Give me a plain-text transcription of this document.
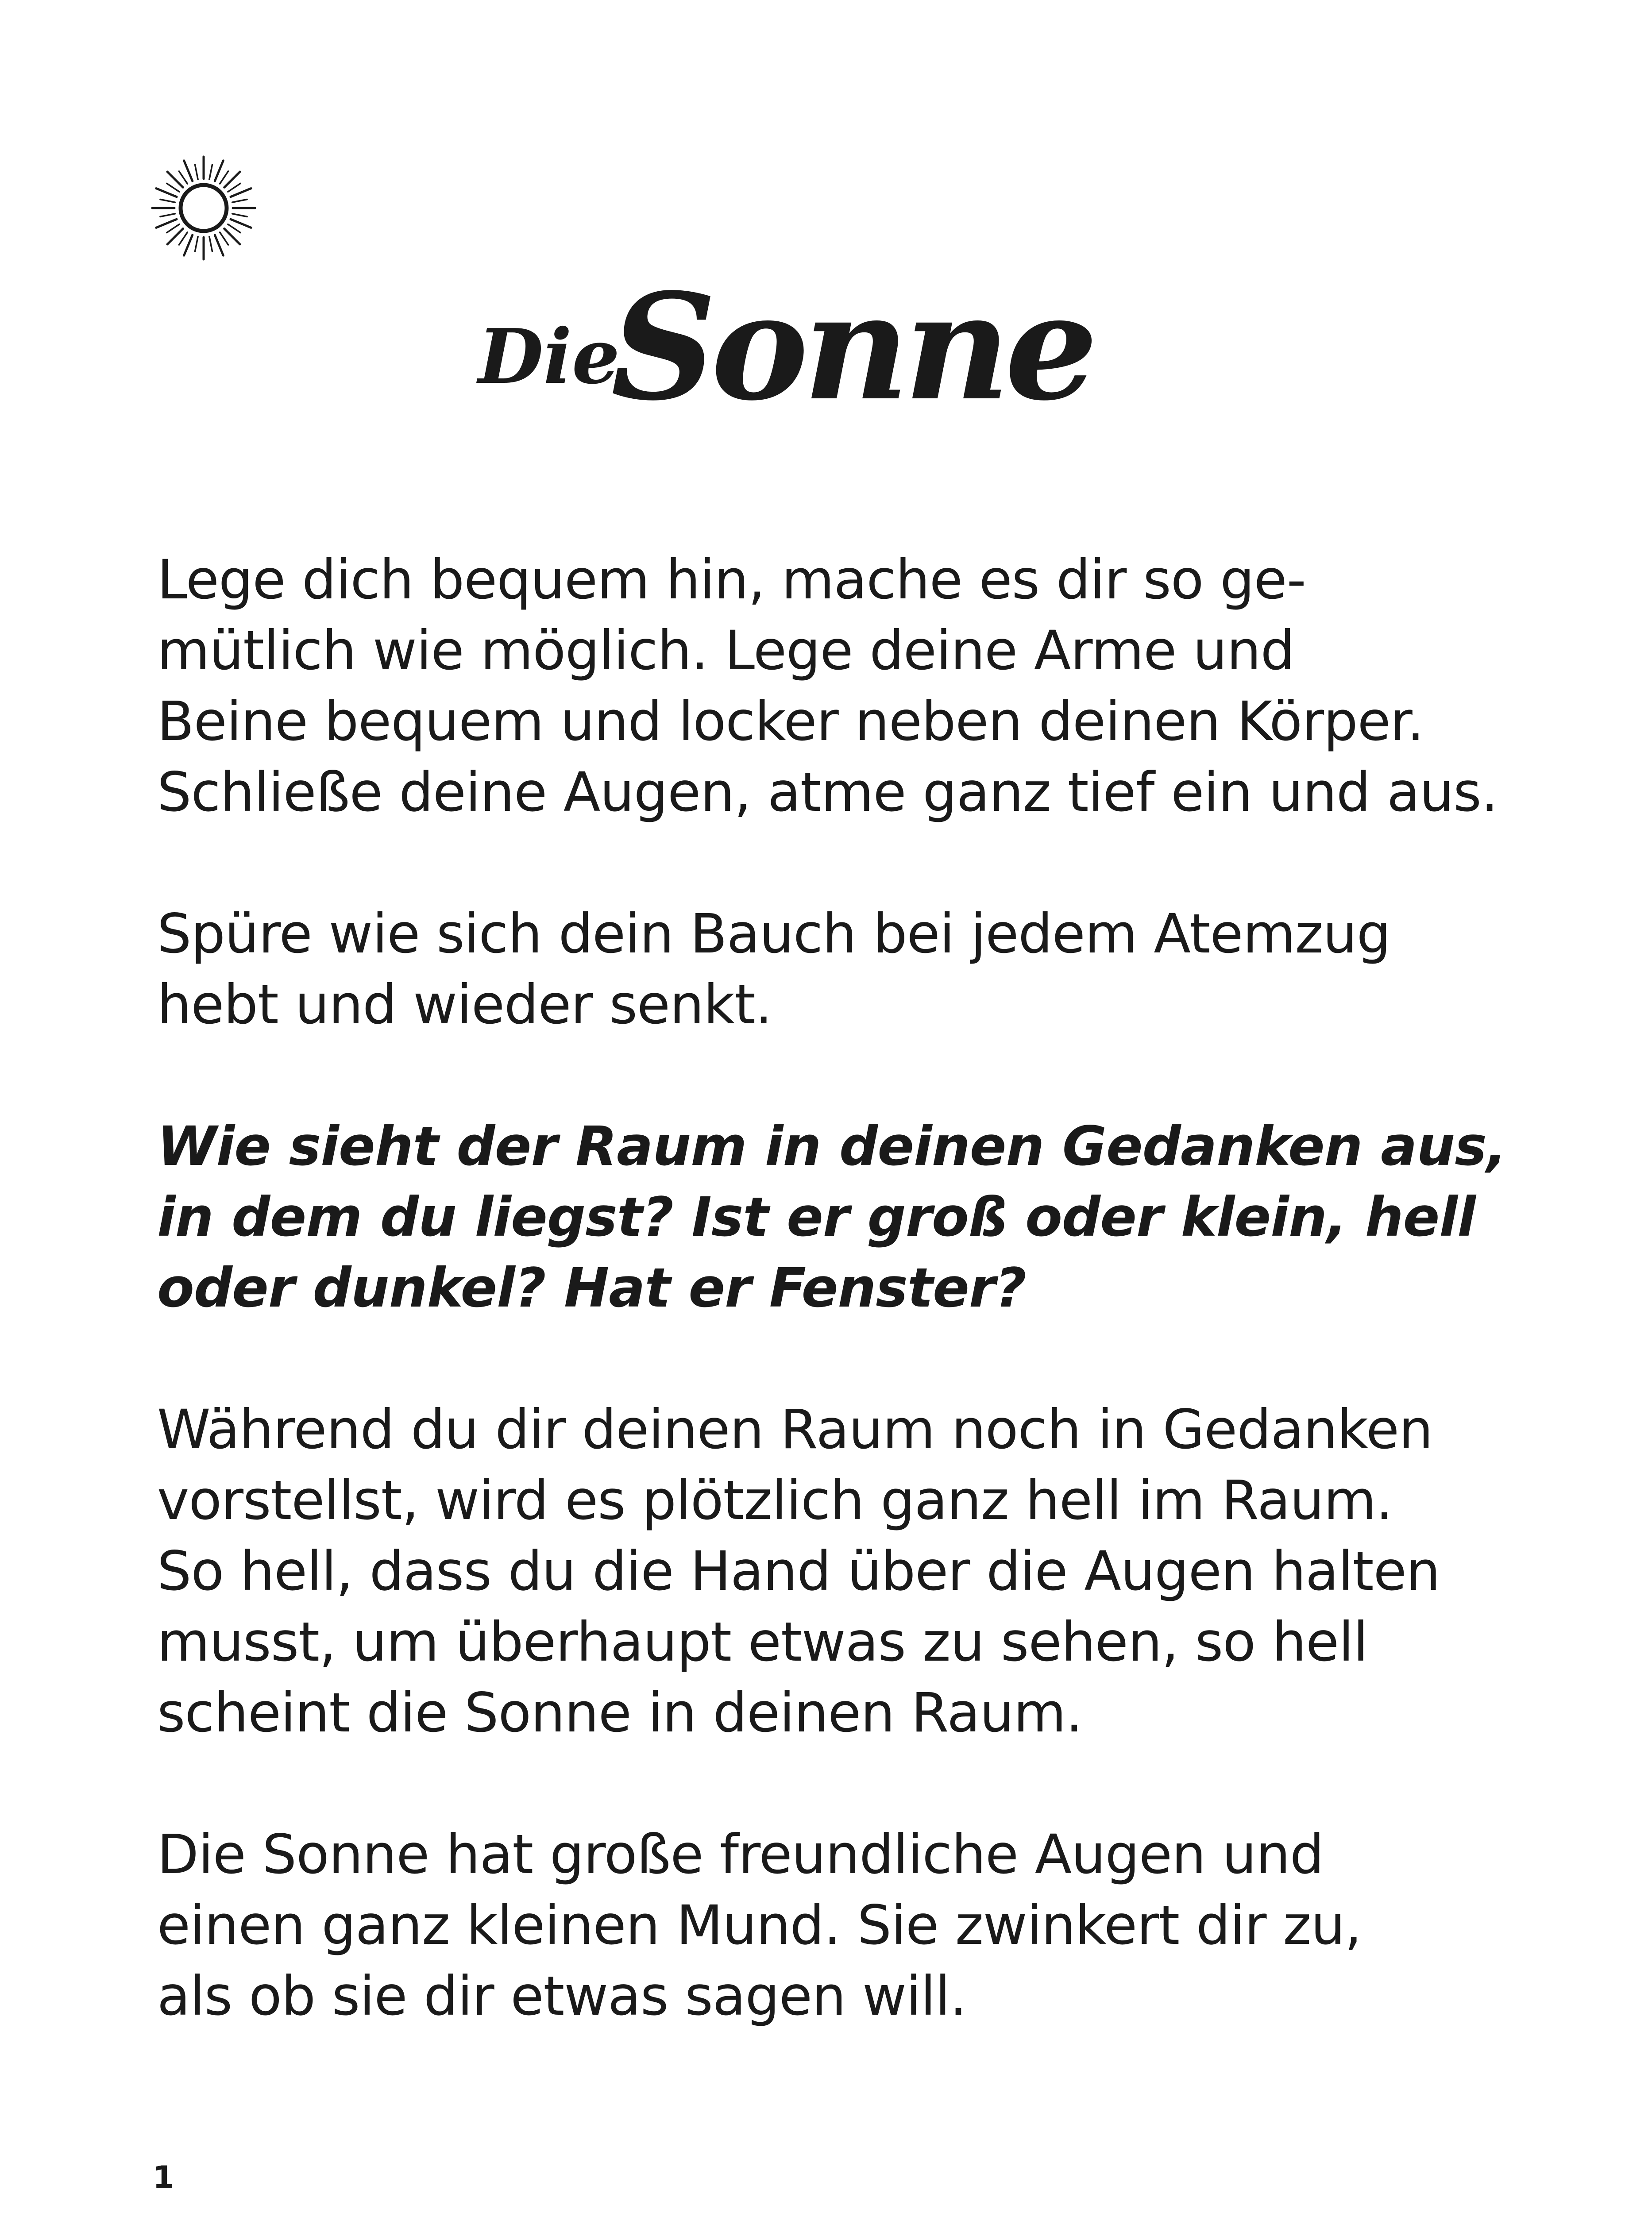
Die
Sonne

Lege dich bequem hin, mache es dir so ge-
mütlich wie möglich. Lege deine Arme und
Beine bequem und locker neben deinen Körper.
Schließe deine Augen, atme ganz tief ein und aus.

Spüre wie sich dein Bauch bei jedem Atemzug
hebt und wieder senkt.

Wie sieht der Raum in deinen Gedanken aus,
in dem du liegst? Ist er groß oder klein, hell
oder dunkel? Hat er Fenster?

Während du dir deinen Raum noch in Gedanken
vorstellst, wird es plötzlich ganz hell im Raum.
So hell, dass du die Hand über die Augen halten
musst, um überhaupt etwas zu sehen, so hell
scheint die Sonne in deinen Raum.

Die Sonne hat große freundliche Augen und
einen ganz kleinen Mund. Sie zwinkert dir zu,
als ob sie dir etwas sagen will.

1
